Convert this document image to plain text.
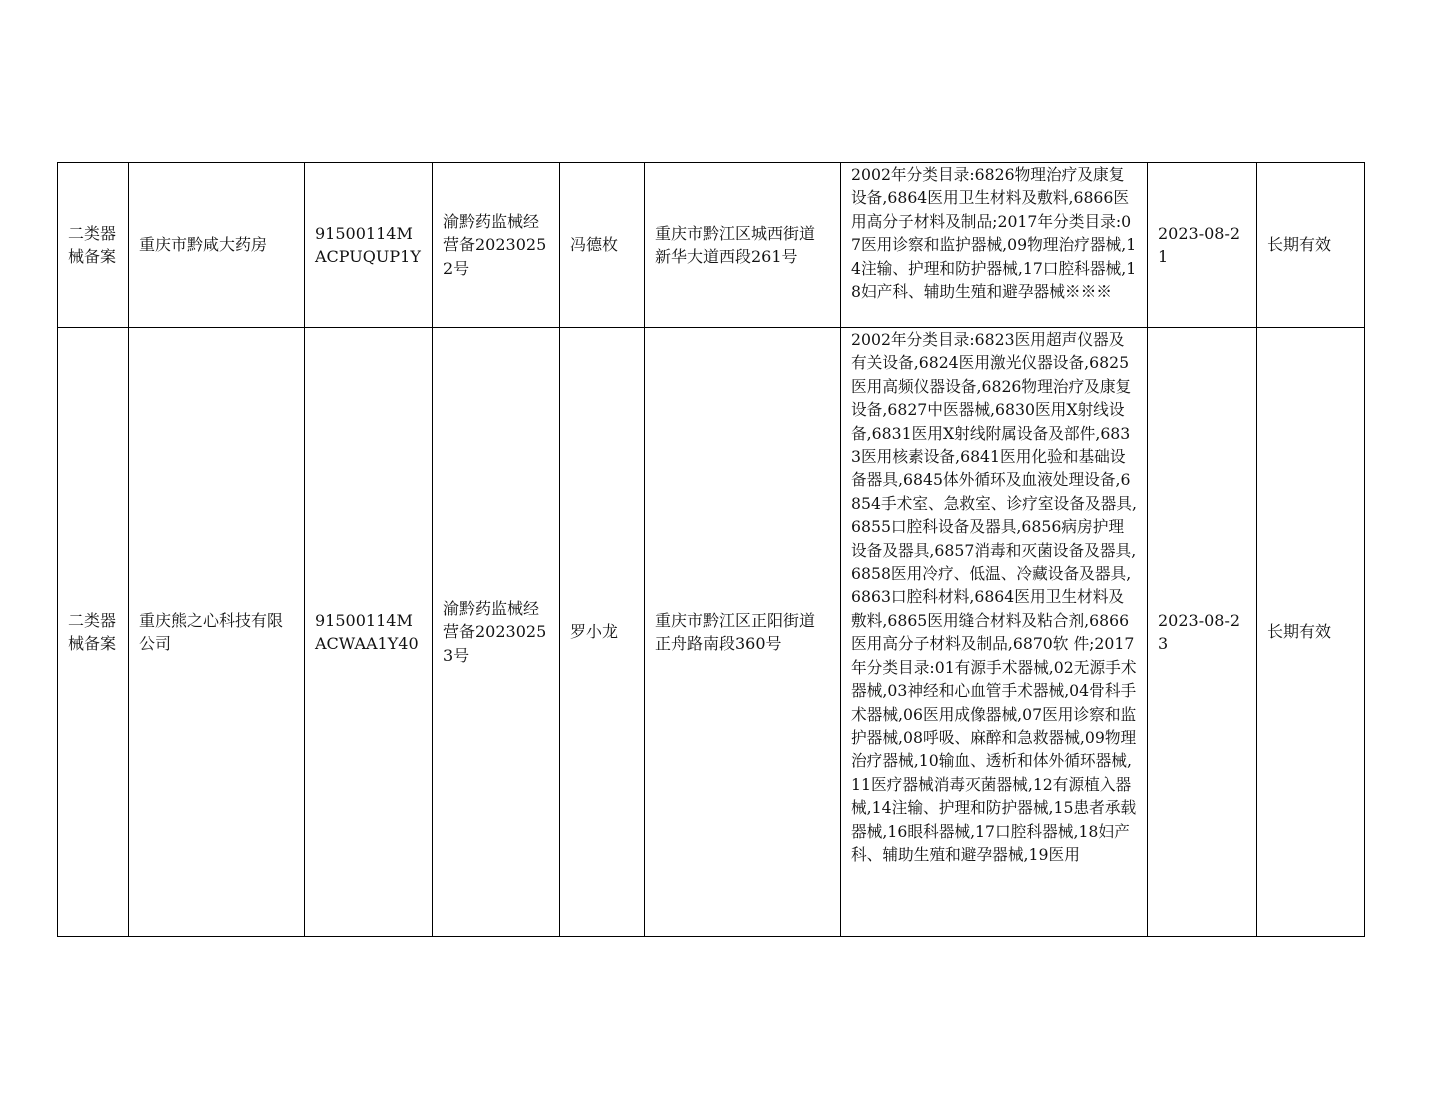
二类器械备案	重庆市黔咸大药房	91500114MACPUQUP1Y	渝黔药监械经营备20230252号	冯德枚	重庆市黔江区城西街道新华大道西段261号	2002年分类目录:6826物理治疗及康复设备,6864医用卫生材料及敷料,6866医用高分子材料及制品;2017年分类目录:07医用诊察和监护器械,09物理治疗器械,14注输、护理和防护器械,17口腔科器械,18妇产科、辅助生殖和避孕器械※※※	2023-08-21	长期有效
二类器械备案	重庆熊之心科技有限公司	91500114MACWAA1Y40	渝黔药监械经营备20230253号	罗小龙	重庆市黔江区正阳街道正舟路南段360号	2002年分类目录:6823医用超声仪器及有关设备,6824医用激光仪器设备,6825医用高频仪器设备,6826物理治疗及康复设备,6827中医器械,6830医用X射线设备,6831医用X射线附属设备及部件,6833医用核素设备,6841医用化验和基础设备器具,6845体外循环及血液处理设备,6854手术室、急救室、诊疗室设备及器具,6855口腔科设备及器具,6856病房护理设备及器具,6857消毒和灭菌设备及器具,6858医用冷疗、低温、冷藏设备及器具,6863口腔科材料,6864医用卫生材料及敷料,6865医用缝合材料及粘合剂,6866医用高分子材料及制品,6870软 件;2017年分类目录:01有源手术器械,02无源手术器械,03神经和心血管手术器械,04骨科手术器械,06医用成像器械,07医用诊察和监护器械,08呼吸、麻醉和急救器械,09物理治疗器械,10输血、透析和体外循环器械,11医疗器械消毒灭菌器械,12有源植入器械,14注输、护理和防护器械,15患者承载器械,16眼科器械,17口腔科器械,18妇产科、辅助生殖和避孕器械,19医用	2023-08-23	长期有效
